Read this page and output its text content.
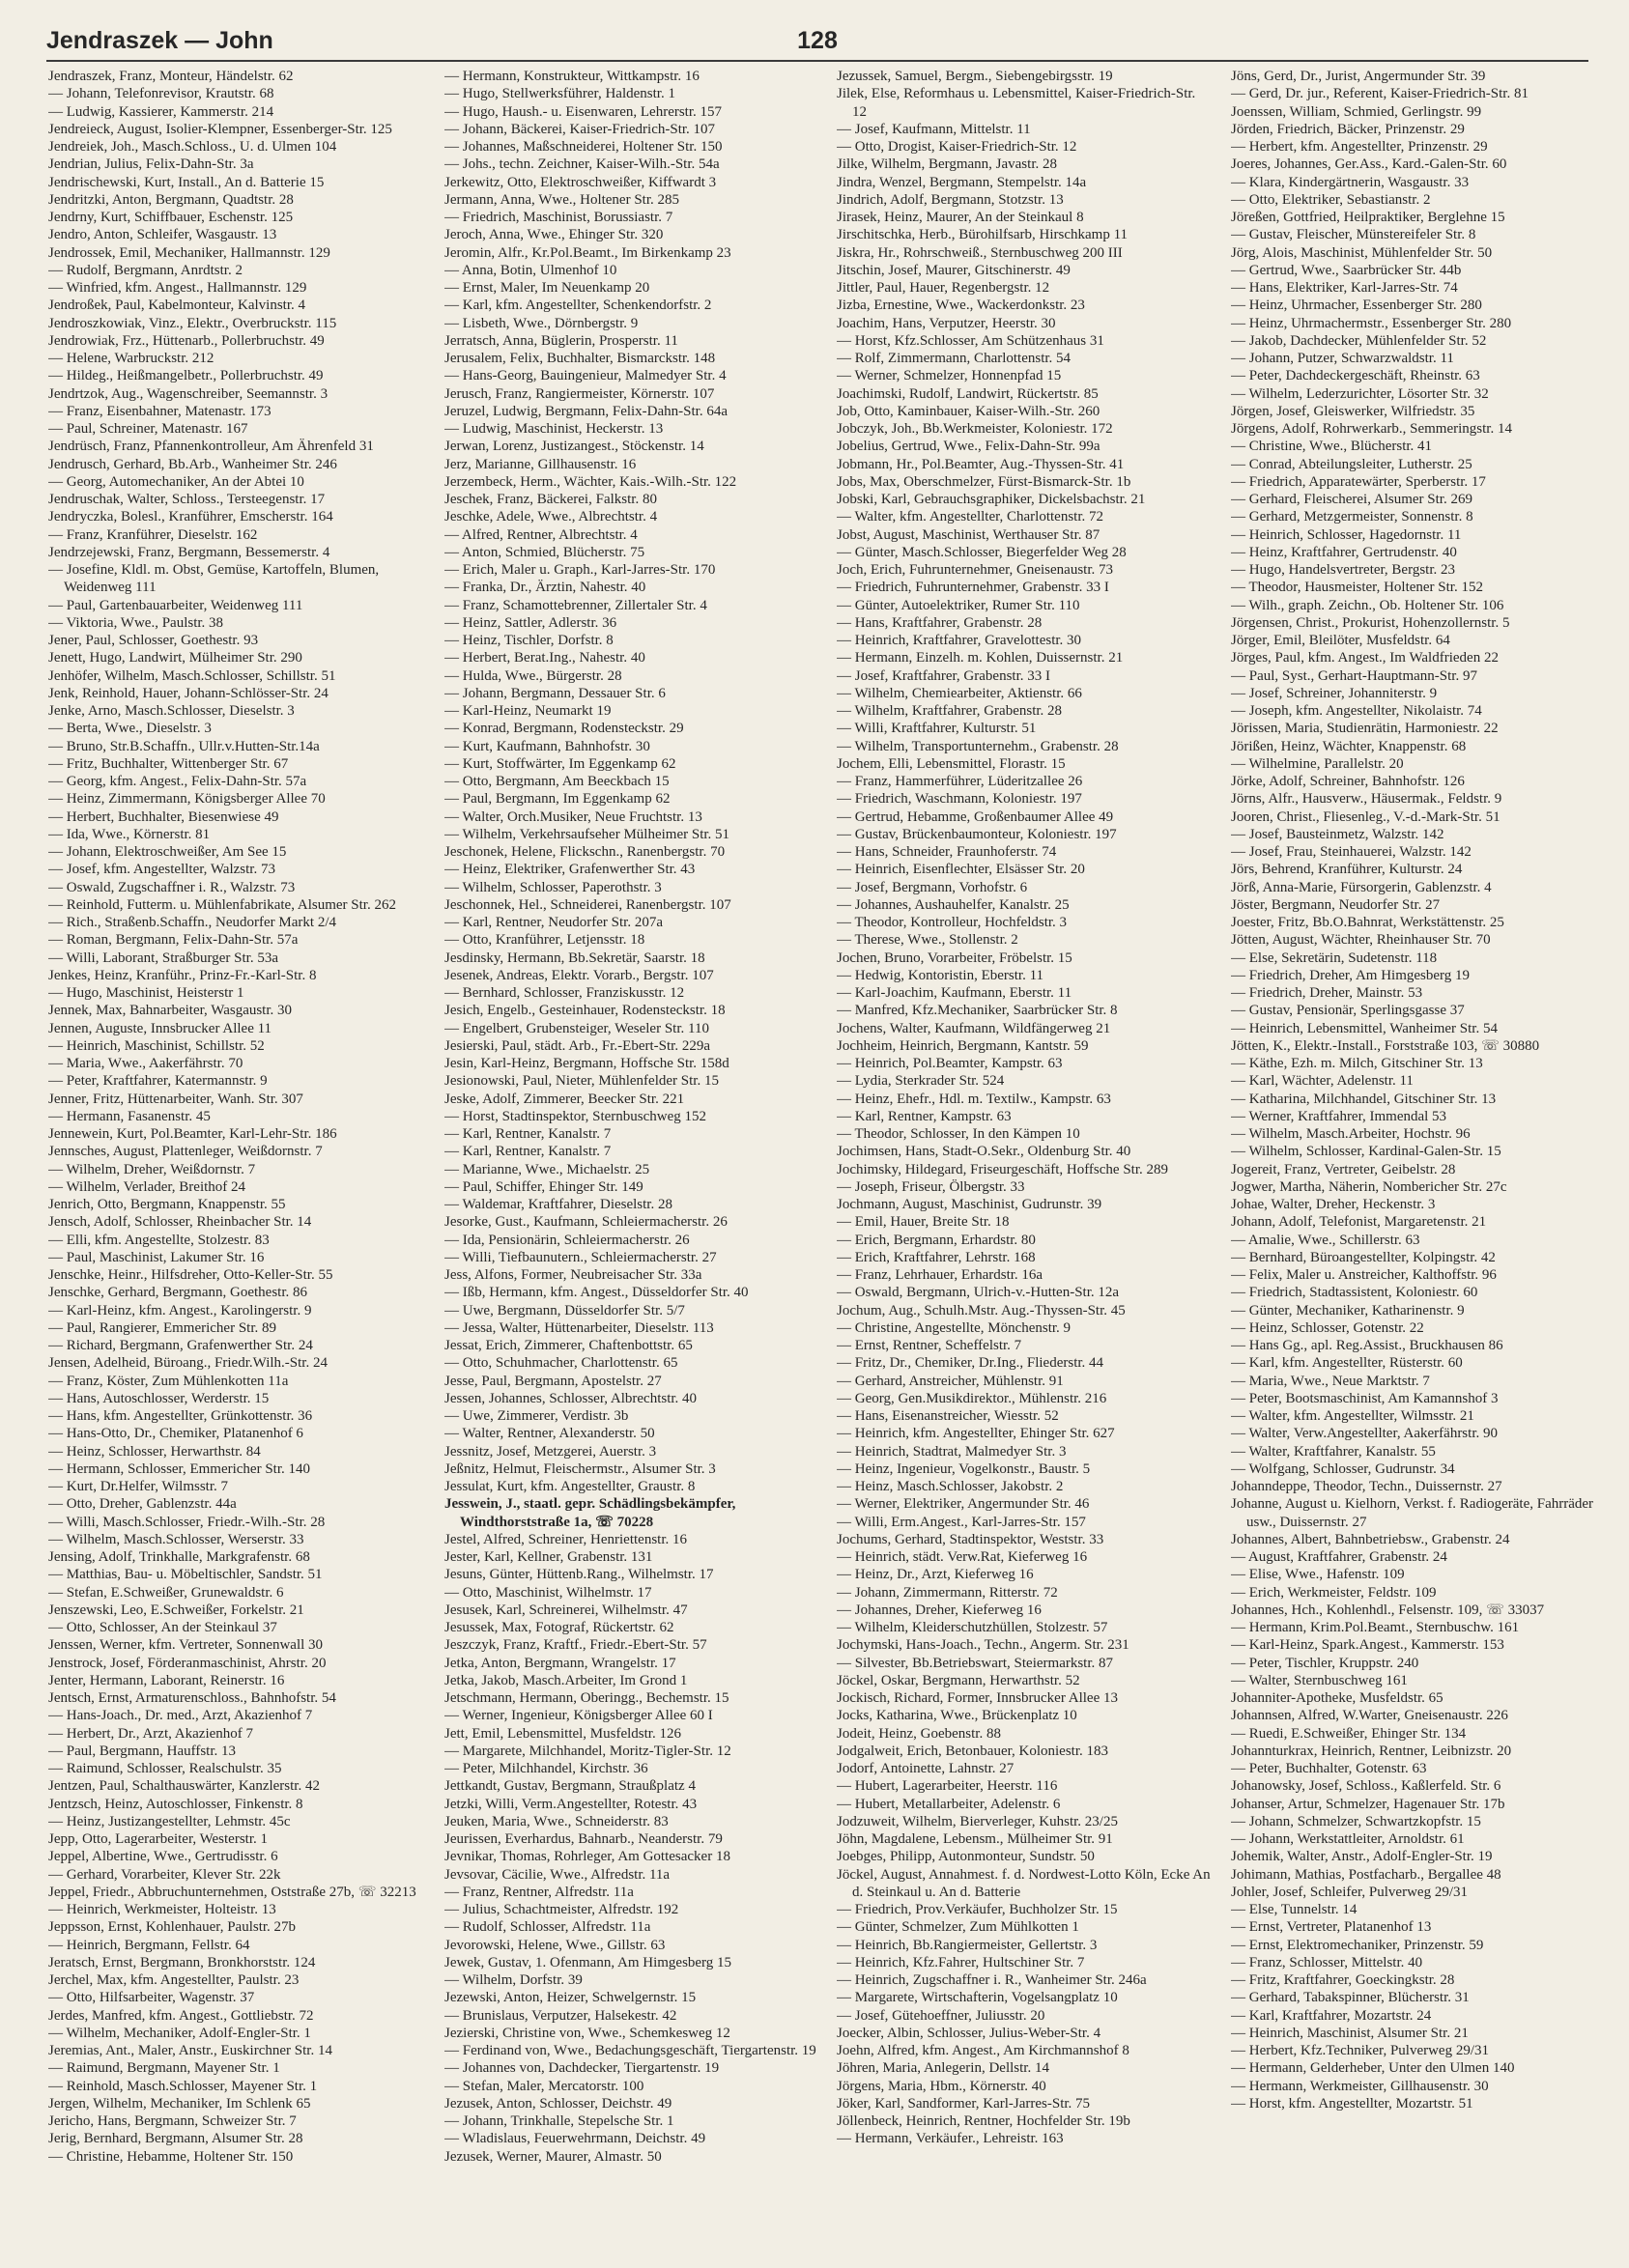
Jendraszek — John	128
Jendraszek, Franz, Monteur, Händelstr. 62
— Johann, Telefonrevisor, Krautstr. 68
— Ludwig, Kassierer, Kammerstr. 214
Jendreieck, August, Isolier-Klempner, Essenberger-Str. 125
Jendreiek, Joh., Masch.Schloss., U. d. Ulmen 104
Jendrian, Julius, Felix-Dahn-Str. 3a
Jendrischewski, Kurt, Install., An d. Batterie 15
Jendritzki, Anton, Bergmann, Quadtstr. 28
Jendrny, Kurt, Schiffbauer, Eschenstr. 125
Jendro, Anton, Schleifer, Wasgaustr. 13
Jendrossek, Emil, Mechaniker, Hallmannstr. 129
— Rudolf, Bergmann, Anrdtstr. 2
— Winfried, kfm. Angest., Hallmannstr. 129
Jendroßek, Paul, Kabelmonteur, Kalvinstr. 4
Jendroszkowiak, Vinz., Elektr., Overbruckstr. 115
Jendrowiak, Frz., Hüttenarb., Pollerbruchstr. 49
— Helene, Warbruckstr. 212
— Hildeg., Heißmangelbetr., Pollerbruchstr. 49
Jendrtzok, Aug., Wagenschreiber, Seemannstr. 3
— Franz, Eisenbahner, Matenastr. 173
— Paul, Schreiner, Matenastr. 167
Jendrüsch, Franz, Pfannenkontrolleur, Am Ährenfeld 31
Jendrusch, Gerhard, Bb.Arb., Wanheimer Str. 246
— Georg, Automechaniker, An der Abtei 10
Jendruschak, Walter, Schloss., Tersteegenstr. 17
Jendryczka, Bolesl., Kranführer, Emscherstr. 164
— Franz, Kranführer, Dieselstr. 162
Jendrzejewski, Franz, Bergmann, Bessemerstr. 4
— Josefine, Kldl. m. Obst, Gemüse, Kartoffeln, Blumen, Weidenweg 111
— Paul, Gartenbauarbeiter, Weidenweg 111
— Viktoria, Wwe., Paulstr. 38
Jener, Paul, Schlosser, Goethestr. 93
Jenett, Hugo, Landwirt, Mülheimer Str. 290
Jenhöfer, Wilhelm, Masch.Schlosser, Schillstr. 51
Jenk, Reinhold, Hauer, Johann-Schlösser-Str. 24
Jenke, Arno, Masch.Schlosser, Dieselstr. 3
— Berta, Wwe., Dieselstr. 3
— Bruno, Str.B.Schaffn., Ullr.v.Hutten-Str.14a
— Fritz, Buchhalter, Wittenberger Str. 67
— Georg, kfm. Angest., Felix-Dahn-Str. 57a
— Heinz, Zimmermann, Königsberger Allee 70
— Herbert, Buchhalter, Biesenwiese 49
— Ida, Wwe., Körnerstr. 81
— Johann, Elektroschweißer, Am See 15
— Josef, kfm. Angestellter, Walzstr. 73
— Oswald, Zugschaffner i. R., Walzstr. 73
— Reinhold, Futterm. u. Mühlenfabrikate, Alsumer Str. 262
— Rich., Straßenb.Schaffn., Neudorfer Markt 2/4
— Roman, Bergmann, Felix-Dahn-Str. 57a
— Willi, Laborant, Straßburger Str. 53a
Jenkes, Heinz, Kranführ., Prinz-Fr.-Karl-Str. 8
— Hugo, Maschinist, Heisterstr 1
Jennek, Max, Bahnarbeiter, Wasgaustr. 30
Jennen, Auguste, Innsbrucker Allee 11
— Heinrich, Maschinist, Schillstr. 52
— Maria, Wwe., Aakerfährstr. 70
— Peter, Kraftfahrer, Katermannstr. 9
Jenner, Fritz, Hüttenarbeiter, Wanh. Str. 307
— Hermann, Fasanenstr. 45
Jennewein, Kurt, Pol.Beamter, Karl-Lehr-Str. 186
Jennsches, August, Plattenleger, Weißdornstr. 7
— Wilhelm, Dreher, Weißdornstr. 7
— Wilhelm, Verlader, Breithof 24
Jenrich, Otto, Bergmann, Knappenstr. 55
Jensch, Adolf, Schlosser, Rheinbacher Str. 14
— Elli, kfm. Angestellte, Stolzestr. 83
— Paul, Maschinist, Lakumer Str. 16
Jenschke, Heinr., Hilfsdreher, Otto-Keller-Str. 55
Jenschke, Gerhard, Bergmann, Goethestr. 86
— Karl-Heinz, kfm. Angest., Karolingerstr. 9
— Paul, Rangierer, Emmericher Str. 89
— Richard, Bergmann, Grafenwerther Str. 24
Jensen, Adelheid, Büroang., Friedr.Wilh.-Str. 24
— Franz, Köster, Zum Mühlenkotten 11a
— Hans, Autoschlosser, Werderstr. 15
— Hans, kfm. Angestellter, Grünkottenstr. 36
— Hans-Otto, Dr., Chemiker, Platanenhof 6
— Heinz, Schlosser, Herwarthstr. 84
— Hermann, Schlosser, Emmericher Str. 140
— Kurt, Dr.Helfer, Wilmsstr. 7
— Otto, Dreher, Gablenzstr. 44a
— Willi, Masch.Schlosser, Friedr.-Wilh.-Str. 28
— Wilhelm, Masch.Schlosser, Werserstr. 33
Jensing, Adolf, Trinkhalle, Markgrafenstr. 68
— Matthias, Bau- u. Möbeltischler, Sandstr. 51
— Stefan, E.Schweißer, Grunewaldstr. 6
Jenszewski, Leo, E.Schweißer, Forkelstr. 21
— Otto, Schlosser, An der Steinkaul 37
Jenssen, Werner, kfm. Vertreter, Sonnenwall 30
Jenstrock, Josef, Förderanmaschinist, Ahrstr. 20
Jenter, Hermann, Laborant, Reinerstr. 16
Jentsch, Ernst, Armaturenschloss., Bahnhofstr. 54
— Hans-Joach., Dr. med., Arzt, Akazienhof 7
— Herbert, Dr., Arzt, Akazienhof 7
— Paul, Bergmann, Hauffstr. 13
— Raimund, Schlosser, Realschulstr. 35
Jentzen, Paul, Schalthauswärter, Kanzlerstr. 42
Jentzsch, Heinz, Autoschlosser, Finkenstr. 8
— Heinz, Justizangestellter, Lehmstr. 45c
Jepp, Otto, Lagerarbeiter, Westerstr. 1
Jeppel, Albertine, Wwe., Gertrudisstr. 6
— Gerhard, Vorarbeiter, Klever Str. 22k
Jeppel, Friedr., Abbruchunternehmen, Oststraße 27b, ☏ 32213
— Heinrich, Werkmeister, Holteistr. 13
Jeppsson, Ernst, Kohlenhauer, Paulstr. 27b
— Heinrich, Bergmann, Fellstr. 64
Jeratsch, Ernst, Bergmann, Bronkhorststr. 124
Jerchel, Max, kfm. Angestellter, Paulstr. 23
— Otto, Hilfsarbeiter, Wagenstr. 37
Jerdes, Manfred, kfm. Angest., Gottliebstr. 72
— Wilhelm, Mechaniker, Adolf-Engler-Str. 1
Jeremias, Ant., Maler, Anstr., Euskirchner Str. 14
— Raimund, Bergmann, Mayener Str. 1
— Reinhold, Masch.Schlosser, Mayener Str. 1
Jergen, Wilhelm, Mechaniker, Im Schlenk 65
Jericho, Hans, Bergmann, Schweizer Str. 7
Jerig, Bernhard, Bergmann, Alsumer Str. 28
— Christine, Hebamme, Holtener Str. 150
— Hermann, Konstrukteur, Wittkampstr. 16
— Hugo, Stellwerksführer, Haldenstr. 1
— Hugo, Haush.- u. Eisenwaren, Lehrerstr. 157
— Johann, Bäckerei, Kaiser-Friedrich-Str. 107
— Johannes, Maßschneiderei, Holtener Str. 150
— Johs., techn. Zeichner, Kaiser-Wilh.-Str. 54a
Jerkewitz, Otto, Elektroschweißer, Kiffwardt 3
Jermann, Anna, Wwe., Holtener Str. 285
— Friedrich, Maschinist, Borussiastr. 7
Jeroch, Anna, Wwe., Ehinger Str. 320
Jeromin, Alfr., Kr.Pol.Beamt., Im Birkenkamp 23
— Anna, Botin, Ulmenhof 10
— Ernst, Maler, Im Neuenkamp 20
— Karl, kfm. Angestellter, Schenkendorfstr. 2
— Lisbeth, Wwe., Dörnbergstr. 9
Jerratsch, Anna, Büglerin, Prosperstr. 11
Jerusalem, Felix, Buchhalter, Bismarckstr. 148
— Hans-Georg, Bauingenieur, Malmedyer Str. 4
Jerusch, Franz, Rangiermeister, Körnerstr. 107
Jeruzel, Ludwig, Bergmann, Felix-Dahn-Str. 64a
— Ludwig, Maschinist, Heckerstr. 13
Jerwan, Lorenz, Justizangest., Stöckenstr. 14
Jerz, Marianne, Gillhausenstr. 16
Jerzembeck, Herm., Wächter, Kais.-Wilh.-Str. 122
Jeschek, Franz, Bäckerei, Falkstr. 80
Jeschke, Adele, Wwe., Albrechtstr. 4
— Alfred, Rentner, Albrechtstr. 4
— Anton, Schmied, Blücherstr. 75
— Erich, Maler u. Graph., Karl-Jarres-Str. 170
— Franka, Dr., Ärztin, Nahestr. 40
— Franz, Schamottebrenner, Zillertaler Str. 4
— Heinz, Sattler, Adlerstr. 36
— Heinz, Tischler, Dorfstr. 8
— Herbert, Berat.Ing., Nahestr. 40
— Hulda, Wwe., Bürgerstr. 28
— Johann, Bergmann, Dessauer Str. 6
— Karl-Heinz, Neumarkt 19
— Konrad, Bergmann, Rodensteckstr. 29
— Kurt, Kaufmann, Bahnhofstr. 30
— Kurt, Stoffwärter, Im Eggenkamp 62
— Otto, Bergmann, Am Beeckbach 15
— Paul, Bergmann, Im Eggenkamp 62
— Walter, Orch.Musiker, Neue Fruchtstr. 13
— Wilhelm, Verkehrsaufseher Mülheimer Str. 51
Jeschonek, Helene, Flickschn., Ranenbergstr. 70
— Heinz, Elektriker, Grafenwerther Str. 43
— Wilhelm, Schlosser, Paperothstr. 3
Jeschonnek, Hel., Schneiderei, Ranenbergstr. 107
— Karl, Rentner, Neudorfer Str. 207a
— Otto, Kranführer, Letjensstr. 18
Jesdinsky, Hermann, Bb.Sekretär, Saarstr. 18
Jesenek, Andreas, Elektr. Vorarb., Bergstr. 107
— Bernhard, Schlosser, Franziskusstr. 12
Jesich, Engelb., Gesteinhauer, Rodensteckstr. 18
— Engelbert, Grubensteiger, Weseler Str. 110
Jesierski, Paul, städt. Arb., Fr.-Ebert-Str. 229a
Jesin, Karl-Heinz, Bergmann, Hoffsche Str. 158d
Jesionowski, Paul, Nieter, Mühlenfelder Str. 15
Jeske, Adolf, Zimmerer, Beecker Str. 221
— Horst, Stadtinspektor, Sternbuschweg 152
— Karl, Rentner, Kanalstr. 7
— Karl, Rentner, Kanalstr. 7
— Marianne, Wwe., Michaelstr. 25
— Paul, Schiffer, Ehinger Str. 149
— Waldemar, Kraftfahrer, Dieselstr. 28
Jesorke, Gust., Kaufmann, Schleiermacherstr. 26
— Ida, Pensionärin, Schleiermacherstr. 26
— Willi, Tiefbaunutern., Schleiermacherstr. 27
Jess, Alfons, Former, Neubreisacher Str. 33a
— Ißb, Hermann, kfm. Angest., Düsseldorfer Str. 40
— Uwe, Bergmann, Düsseldorfer Str. 5/7
— Jessa, Walter, Hüttenarbeiter, Dieselstr. 113
Jessat, Erich, Zimmerer, Chaftenbottstr. 65
— Otto, Schuhmacher, Charlottenstr. 65
Jesse, Paul, Bergmann, Apostelstr. 27
Jessen, Johannes, Schlosser, Albrechtstr. 40
— Uwe, Zimmerer, Verdistr. 3b
— Walter, Rentner, Alexanderstr. 50
Jessnitz, Josef, Metzgerei, Auerstr. 3
Jeßnitz, Helmut, Fleischermstr., Alsumer Str. 3
Jessulat, Kurt, kfm. Angestellter, Graustr. 8
Jesswein, J., staatl. gepr. Schädlingsbekämpfer, Windthorststraße 1a, ☏ 70228
Jestel, Alfred, Schreiner, Henriettenstr. 16
Jester, Karl, Kellner, Grabenstr. 131
Jesuns, Günter, Hüttenb.Rang., Wilhelmstr. 17
— Otto, Maschinist, Wilhelmstr. 17
Jesusek, Karl, Schreinerei, Wilhelmstr. 47
Jesussek, Max, Fotograf, Rückertstr. 62
Jeszczyk, Franz, Kraftf., Friedr.-Ebert-Str. 57
Jetka, Anton, Bergmann, Wrangelstr. 17
Jetka, Jakob, Masch.Arbeiter, Im Grond 1
Jetschmann, Hermann, Oberingg., Bechemstr. 15
— Werner, Ingenieur, Königsberger Allee 60 I
Jett, Emil, Lebensmittel, Musfeldstr. 126
— Margarete, Milchhandel, Moritz-Tigler-Str. 12
— Peter, Milchhandel, Kirchstr. 36
Jettkandt, Gustav, Bergmann, Straußplatz 4
Jetzki, Willi, Verm.Angestellter, Rotestr. 43
Jeuken, Maria, Wwe., Schneiderstr. 83
Jeurissen, Everhardus, Bahnarb., Neanderstr. 79
Jevnikar, Thomas, Rohrleger, Am Gottesacker 18
Jevsovar, Cäcilie, Wwe., Alfredstr. 11a
— Franz, Rentner, Alfredstr. 11a
— Julius, Schachtmeister, Alfredstr. 192
— Rudolf, Schlosser, Alfredstr. 11a
Jevorowski, Helene, Wwe., Gillstr. 63
Jewek, Gustav, 1. Ofenmann, Am Himgesberg 15
— Wilhelm, Dorfstr. 39
Jezewski, Anton, Heizer, Schwelgernstr. 15
— Brunislaus, Verputzer, Halsekestr. 42
Jezierski, Christine von, Wwe., Schemkesweg 12
— Ferdinand von, Wwe., Bedachungsgeschäft, Tiergartenstr. 19
— Johannes von, Dachdecker, Tiergartenstr. 19
— Stefan, Maler, Mercatorstr. 100
Jezusek, Anton, Schlosser, Deichstr. 49
— Johann, Trinkhalle, Stepelsche Str. 1
— Wladislaus, Feuerwehrmann, Deichstr. 49
Jezusek, Werner, Maurer, Almastr. 50
Jezussek, Samuel, Bergm., Siebengebirgsstr. 19
Jilek, Else, Reformhaus u. Lebensmittel, Kaiser-Friedrich-Str. 12
— Josef, Kaufmann, Mittelstr. 11
— Otto, Drogist, Kaiser-Friedrich-Str. 12
Jilke, Wilhelm, Bergmann, Javastr. 28
Jindra, Wenzel, Bergmann, Stempelstr. 14a
Jindrich, Adolf, Bergmann, Stotzstr. 13
Jirasek, Heinz, Maurer, An der Steinkaul 8
Jirschitschka, Herb., Bürohilfsarb, Hirschkamp 11
Jiskra, Hr., Rohrschweiß., Sternbuschweg 200 III
Jitschin, Josef, Maurer, Gitschinerstr. 49
Jittler, Paul, Hauer, Regenbergstr. 12
Jizba, Ernestine, Wwe., Wackerdonkstr. 23
Joachim, Hans, Verputzer, Heerstr. 30
— Horst, Kfz.Schlosser, Am Schützenhaus 31
— Rolf, Zimmermann, Charlottenstr. 54
— Werner, Schmelzer, Honnenpfad 15
Joachimski, Rudolf, Landwirt, Rückertstr. 85
Job, Otto, Kaminbauer, Kaiser-Wilh.-Str. 260
Jobczyk, Joh., Bb.Werkmeister, Koloniestr. 172
Jobelius, Gertrud, Wwe., Felix-Dahn-Str. 99a
Jobmann, Hr., Pol.Beamter, Aug.-Thyssen-Str. 41
Jobs, Max, Oberschmelzer, Fürst-Bismarck-Str. 1b
Jobski, Karl, Gebrauchsgraphiker, Dickelsbachstr. 21
— Walter, kfm. Angestellter, Charlottenstr. 72
Jobst, August, Maschinist, Werthauser Str. 87
— Günter, Masch.Schlosser, Biegerfelder Weg 28
Joch, Erich, Fuhrunternehmer, Gneisenaustr. 73
— Friedrich, Fuhrunternehmer, Grabenstr. 33 I
— Günter, Autoelektriker, Rumer Str. 110
— Hans, Kraftfahrer, Grabenstr. 28
— Heinrich, Kraftfahrer, Gravelottestr. 30
— Hermann, Einzelh. m. Kohlen, Duissernstr. 21
— Josef, Kraftfahrer, Grabenstr. 33 I
— Wilhelm, Chemiearbeiter, Aktienstr. 66
— Wilhelm, Kraftfahrer, Grabenstr. 28
— Willi, Kraftfahrer, Kulturstr. 51
— Wilhelm, Transportunternehm., Grabenstr. 28
Jochem, Elli, Lebensmittel, Florastr. 15
— Franz, Hammerführer, Lüderitzallee 26
— Friedrich, Waschmann, Koloniestr. 197
— Gertrud, Hebamme, Großenbaumer Allee 49
— Gustav, Brückenbaumonteur, Koloniestr. 197
— Hans, Schneider, Fraunhoferstr. 74
— Heinrich, Eisenflechter, Elsässer Str. 20
— Josef, Bergmann, Vorhofstr. 6
— Johannes, Aushauhelfer, Kanalstr. 25
— Theodor, Kontrolleur, Hochfeldstr. 3
— Therese, Wwe., Stollenstr. 2
Jochen, Bruno, Vorarbeiter, Fröbelstr. 15
— Hedwig, Kontoristin, Eberstr. 11
— Karl-Joachim, Kaufmann, Eberstr. 11
— Manfred, Kfz.Mechaniker, Saarbrücker Str. 8
Jochens, Walter, Kaufmann, Wildfängerweg 21
Jochheim, Heinrich, Bergmann, Kantstr. 59
— Heinrich, Pol.Beamter, Kampstr. 63
— Lydia, Sterkrader Str. 524
— Heinz, Ehefr., Hdl. m. Textilw., Kampstr. 63
— Karl, Rentner, Kampstr. 63
— Theodor, Schlosser, In den Kämpen 10
Jochimsen, Hans, Stadt-O.Sekr., Oldenburg Str. 40
Jochimsky, Hildegard, Friseurgeschäft, Hoffsche Str. 289
— Joseph, Friseur, Ölbergstr. 33
Jochmann, August, Maschinist, Gudrunstr. 39
— Emil, Hauer, Breite Str. 18
— Erich, Bergmann, Erhardstr. 80
— Erich, Kraftfahrer, Lehrstr. 168
— Franz, Lehrhauer, Erhardstr. 16a
— Oswald, Bergmann, Ulrich-v.-Hutten-Str. 12a
Jochum, Aug., Schulh.Mstr. Aug.-Thyssen-Str. 45
— Christine, Angestellte, Mönchenstr. 9
— Ernst, Rentner, Scheffelstr. 7
— Fritz, Dr., Chemiker, Dr.Ing., Fliederstr. 44
— Gerhard, Anstreicher, Mühlenstr. 91
— Georg, Gen.Musikdirektor., Mühlenstr. 216
— Hans, Eisenanstreicher, Wiesstr. 52
— Heinrich, kfm. Angestellter, Ehinger Str. 627
— Heinrich, Stadtrat, Malmedyer Str. 3
— Heinz, Ingenieur, Vogelkonstr., Baustr. 5
— Heinz, Masch.Schlosser, Jakobstr. 2
— Werner, Elektriker, Angermunder Str. 46
— Willi, Erm.Angest., Karl-Jarres-Str. 157
Jochums, Gerhard, Stadtinspektor, Weststr. 33
— Heinrich, städt. Verw.Rat, Kieferweg 16
— Heinz, Dr., Arzt, Kieferweg 16
— Johann, Zimmermann, Ritterstr. 72
— Johannes, Dreher, Kieferweg 16
— Wilhelm, Kleiderschutzhüllen, Stolzestr. 57
Jochymski, Hans-Joach., Techn., Angerm. Str. 231
— Silvester, Bb.Betriebswart, Steiermarkstr. 87
Jöckel, Oskar, Bergmann, Herwarthstr. 52
Jockisch, Richard, Former, Innsbrucker Allee 13
Jocks, Katharina, Wwe., Brückenplatz 10
Jodeit, Heinz, Goebenstr. 88
Jodgalweit, Erich, Betonbauer, Koloniestr. 183
Jodorf, Antoinette, Lahnstr. 27
— Hubert, Lagerarbeiter, Heerstr. 116
— Hubert, Metallarbeiter, Adelenstr. 6
Jodzuweit, Wilhelm, Bierverleger, Kuhstr. 23/25
Jöhn, Magdalene, Lebensm., Mülheimer Str. 91
Joebges, Philipp, Autonmonteur, Sundstr. 50
Jöckel, August, Annahmest. f. d. Nordwest-Lotto Köln, Ecke An d. Steinkaul u. An d. Batterie
— Friedrich, Prov.Verkäufer, Buchholzer Str. 15
— Günter, Schmelzer, Zum Mühlkotten 1
— Heinrich, Bb.Rangiermeister, Gellertstr. 3
— Heinrich, Kfz.Fahrer, Hultschiner Str. 7
— Heinrich, Zugschaffner i. R., Wanheimer Str. 246a
— Margarete, Wirtschafterin, Vogelsangplatz 10
— Josef, Gütehoeffner, Juliusstr. 20
Joecker, Albin, Schlosser, Julius-Weber-Str. 4
Joehn, Alfred, kfm. Angest., Am Kirchmannshof 8
Jöhren, Maria, Anlegerin, Dellstr. 14
Jörgens, Maria, Hbm., Körnerstr. 40
Jöker, Karl, Sandformer, Karl-Jarres-Str. 75
Jöllenbeck, Heinrich, Rentner, Hochfelder Str. 19b
— Hermann, Verkäufer., Lehreistr. 163
Jöns, Gerd, Dr., Jurist, Angermunder Str. 39
— Gerd, Dr. jur., Referent, Kaiser-Friedrich-Str. 81
Joenssen, William, Schmied, Gerlingstr. 99
Jörden, Friedrich, Bäcker, Prinzenstr. 29
— Herbert, kfm. Angestellter, Prinzenstr. 29
Joeres, Johannes, Ger.Ass., Kard.-Galen-Str. 60
— Klara, Kindergärtnerin, Wasgaustr. 33
— Otto, Elektriker, Sebastianstr. 2
Jöreßen, Gottfried, Heilpraktiker, Berglehne 15
— Gustav, Fleischer, Münstereifeler Str. 8
Jörg, Alois, Maschinist, Mühlenfelder Str. 50
— Gertrud, Wwe., Saarbrücker Str. 44b
— Hans, Elektriker, Karl-Jarres-Str. 74
— Heinz, Uhrmacher, Essenberger Str. 280
— Heinz, Uhrmachermstr., Essenberger Str. 280
— Jakob, Dachdecker, Mühlenfelder Str. 52
— Johann, Putzer, Schwarzwaldstr. 11
— Peter, Dachdeckergeschäft, Rheinstr. 63
— Wilhelm, Lederzurichter, Lösorter Str. 32
Jörgen, Josef, Gleiswerker, Wilfriedstr. 35
Jörgens, Adolf, Rohrwerkarb., Semmeringstr. 14
— Christine, Wwe., Blücherstr. 41
— Conrad, Abteilungsleiter, Lutherstr. 25
— Friedrich, Apparatewärter, Sperberstr. 17
— Gerhard, Fleischerei, Alsumer Str. 269
— Gerhard, Metzgermeister, Sonnenstr. 8
— Heinrich, Schlosser, Hagedornstr. 11
— Heinz, Kraftfahrer, Gertrudenstr. 40
— Hugo, Handelsvertreter, Bergstr. 23
— Theodor, Hausmeister, Holtener Str. 152
— Wilh., graph. Zeichn., Ob. Holtener Str. 106
Jörgensen, Christ., Prokurist, Hohenzollernstr. 5
Jörger, Emil, Bleilöter, Musfeldstr. 64
Jörges, Paul, kfm. Angest., Im Waldfrieden 22
— Paul, Syst., Gerhart-Hauptmann-Str. 97
— Josef, Schreiner, Johanniterstr. 9
— Joseph, kfm. Angestellter, Nikolaistr. 74
Jörissen, Maria, Studienrätin, Harmoniestr. 22
Jörißen, Heinz, Wächter, Knappenstr. 68
— Wilhelmine, Parallelstr. 20
Jörke, Adolf, Schreiner, Bahnhofstr. 126
Jörns, Alfr., Hausverw., Häusermak., Feldstr. 9
Jooren, Christ., Fliesenleg., V.-d.-Mark-Str. 51
— Josef, Bausteinmetz, Walzstr. 142
— Josef, Frau, Steinhauerei, Walzstr. 142
Jörs, Behrend, Kranführer, Kulturstr. 24
Jörß, Anna-Marie, Fürsorgerin, Gablenzstr. 4
Jöster, Bergmann, Neudorfer Str. 27
Joester, Fritz, Bb.O.Bahnrat, Werkstättenstr. 25
Jötten, August, Wächter, Rheinhauser Str. 70
— Else, Sekretärin, Sudetenstr. 118
— Friedrich, Dreher, Am Himgesberg 19
— Friedrich, Dreher, Mainstr. 53
— Gustav, Pensionär, Sperlingsgasse 37
— Heinrich, Lebensmittel, Wanheimer Str. 54
Jötten, K., Elektr.-Install., Forststraße 103, ☏ 30880
— Käthe, Ezh. m. Milch, Gitschiner Str. 13
— Karl, Wächter, Adelenstr. 11
— Katharina, Milchhandel, Gitschiner Str. 13
— Werner, Kraftfahrer, Immendal 53
— Wilhelm, Masch.Arbeiter, Hochstr. 96
— Wilhelm, Schlosser, Kardinal-Galen-Str. 15
Jogereit, Franz, Vertreter, Geibelstr. 28
Jogwer, Martha, Näherin, Nombericher Str. 27c
Johae, Walter, Dreher, Heckenstr. 3
Johann, Adolf, Telefonist, Margaretenstr. 21
— Amalie, Wwe., Schillerstr. 63
— Bernhard, Büroangestellter, Kolpingstr. 42
— Felix, Maler u. Anstreicher, Kalthoffstr. 96
— Friedrich, Stadtassistent, Koloniestr. 60
— Günter, Mechaniker, Katharinenstr. 9
— Heinz, Schlosser, Gotenstr. 22
— Hans Gg., apl. Reg.Assist., Bruckhausen 86
— Karl, kfm. Angestellter, Rüsterstr. 60
— Maria, Wwe., Neue Marktstr. 7
— Peter, Bootsmaschinist, Am Kamannshof 3
— Walter, kfm. Angestellter, Wilmsstr. 21
— Walter, Verw.Angestellter, Aakerfährstr. 90
— Walter, Kraftfahrer, Kanalstr. 55
— Wolfgang, Schlosser, Gudrunstr. 34
Johanndeppe, Theodor, Techn., Duissernstr. 27
Johanne, August u. Kielhorn, Verkst. f. Radiogeräte, Fahrräder usw., Duissernstr. 27
Johannes, Albert, Bahnbetriebsw., Grabenstr. 24
— August, Kraftfahrer, Grabenstr. 24
— Elise, Wwe., Hafenstr. 109
— Erich, Werkmeister, Feldstr. 109
Johannes, Hch., Kohlenhdl., Felsenstr. 109, ☏ 33037
— Hermann, Krim.Pol.Beamt., Sternbuschw. 161
— Karl-Heinz, Spark.Angest., Kammerstr. 153
— Peter, Tischler, Kruppstr. 240
— Walter, Sternbuschweg 161
Johanniter-Apotheke, Musfeldstr. 65
Johannsen, Alfred, W.Warter, Gneisenaustr. 226
— Ruedi, E.Schweißer, Ehinger Str. 134
Johannturkrax, Heinrich, Rentner, Leibnizstr. 20
— Peter, Buchhalter, Gotenstr. 63
Johanowsky, Josef, Schloss., Kaßlerfeld. Str. 6
Johanser, Artur, Schmelzer, Hagenauer Str. 17b
— Johann, Schmelzer, Schwartzkopfstr. 15
— Johann, Werkstattleiter, Arnoldstr. 61
Johemik, Walter, Anstr., Adolf-Engler-Str. 19
Johimann, Mathias, Postfacharb., Bergallee 48
Johler, Josef, Schleifer, Pulverweg 29/31
— Else, Tunnelstr. 14
— Ernst, Vertreter, Platanenhof 13
— Ernst, Elektromechaniker, Prinzenstr. 59
— Franz, Schlosser, Mittelstr. 40
— Fritz, Kraftfahrer, Goeckingkstr. 28
— Gerhard, Tabakspinner, Blücherstr. 31
— Karl, Kraftfahrer, Mozartstr. 24
— Heinrich, Maschinist, Alsumer Str. 21
— Herbert, Kfz.Techniker, Pulverweg 29/31
— Hermann, Gelderheber, Unter den Ulmen 140
— Hermann, Werkmeister, Gillhausenstr. 30
— Horst, kfm. Angestellter, Mozartstr. 51
